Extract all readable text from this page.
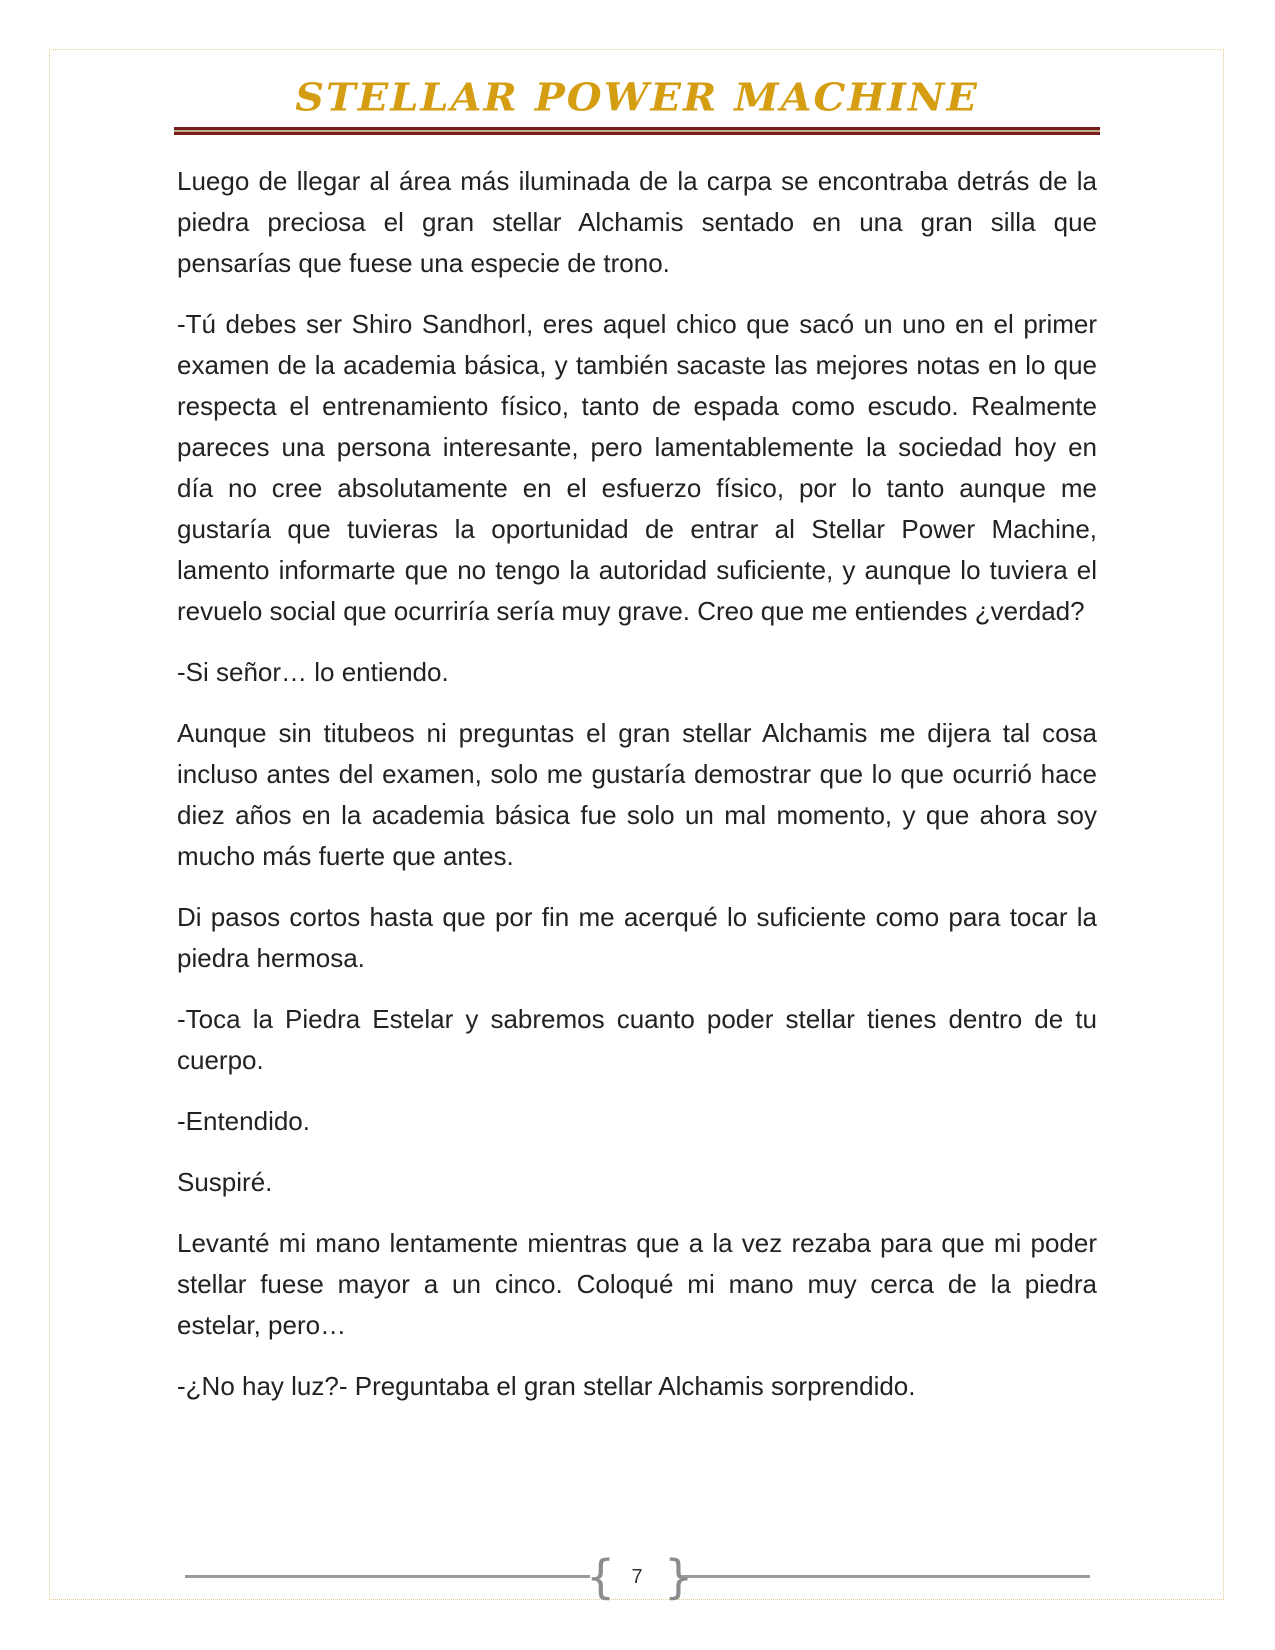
STELLAR POWER MACHINE

Luego de llegar al área más iluminada de la carpa se encontraba detrás de la piedra preciosa el gran stellar Alchamis sentado en una gran silla que pensarías que fuese una especie de trono.

-Tú debes ser Shiro Sandhorl, eres aquel chico que sacó un uno en el primer examen de la academia básica, y también sacaste las mejores notas en lo que respecta el entrenamiento físico, tanto de espada como escudo. Realmente pareces una persona interesante, pero lamentablemente la sociedad hoy en día no cree absolutamente en el esfuerzo físico, por lo tanto aunque me gustaría que tuvieras la oportunidad de entrar al Stellar Power Machine, lamento informarte que no tengo la autoridad suficiente, y aunque lo tuviera el revuelo social que ocurriría sería muy grave. Creo que me entiendes ¿verdad?

-Si señor… lo entiendo.

Aunque sin titubeos ni preguntas el gran stellar Alchamis me dijera tal cosa incluso antes del examen, solo me gustaría demostrar que lo que ocurrió hace diez años en la academia básica fue solo un mal momento, y que ahora soy mucho más fuerte que antes.

Di pasos cortos hasta que por fin me acerqué lo suficiente como para tocar la piedra hermosa.

-Toca la Piedra Estelar y sabremos cuanto poder stellar tienes dentro de tu cuerpo.

-Entendido.

Suspiré.

Levanté mi mano lentamente mientras que a la vez rezaba para que mi poder stellar fuese mayor a un cinco. Coloqué mi mano muy cerca de la piedra estelar, pero…

-¿No hay luz?- Preguntaba el gran stellar Alchamis sorprendido.

{ }
7
